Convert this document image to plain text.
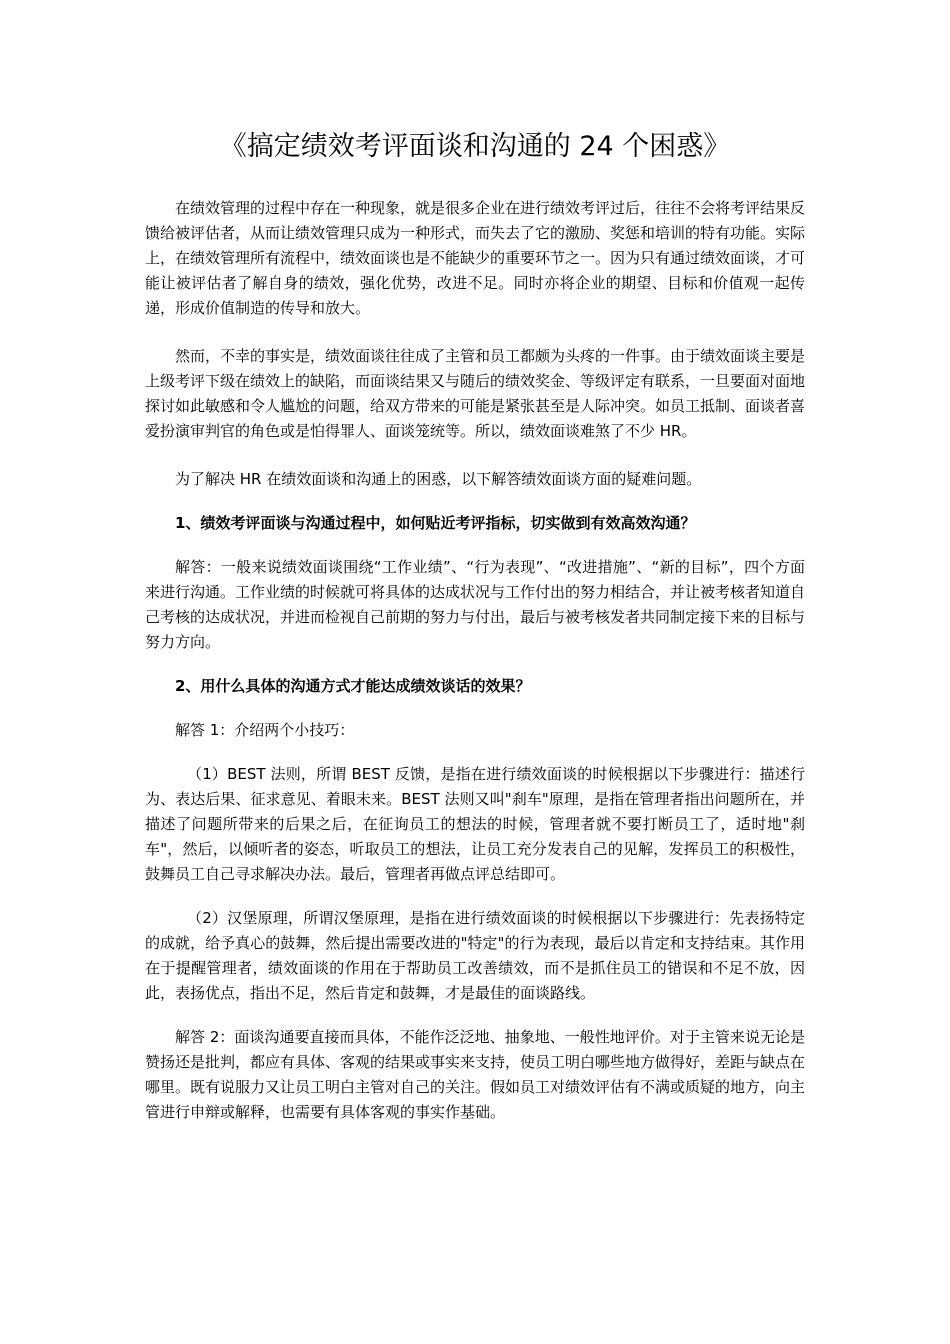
《搞定绩效考评面谈和沟通的 24 个困惑》

在绩效管理的过程中存在一种现象，就是很多企业在进行绩效考评过后，往往不会将考评结果反馈给被评估者，从而让绩效管理只成为一种形式，而失去了它的激励、奖惩和培训的特有功能。实际上，在绩效管理所有流程中，绩效面谈也是不能缺少的重要环节之一。因为只有通过绩效面谈，才可能让被评估者了解自身的绩效，强化优势，改进不足。同时亦将企业的期望、目标和价值观一起传递，形成价值制造的传导和放大。

然而，不幸的事实是，绩效面谈往往成了主管和员工都颇为头疼的一件事。由于绩效面谈主要是上级考评下级在绩效上的缺陷，而面谈结果又与随后的绩效奖金、等级评定有联系，一旦要面对面地探讨如此敏感和令人尴尬的问题，给双方带来的可能是紧张甚至是人际冲突。如员工抵制、面谈者喜爱扮演审判官的角色或是怕得罪人、面谈笼统等。所以，绩效面谈难煞了不少 HR。

为了解决 HR 在绩效面谈和沟通上的困惑，以下解答绩效面谈方面的疑难问题。

1、绩效考评面谈与沟通过程中，如何贴近考评指标，切实做到有效高效沟通？

解答：一般来说绩效面谈围绕“工作业绩”、“行为表现”、“改进措施”、“新的目标”，四个方面来进行沟通。工作业绩的时候就可将具体的达成状况与工作付出的努力相结合，并让被考核者知道自己考核的达成状况，并进而检视自己前期的努力与付出，最后与被考核发者共同制定接下来的目标与努力方向。

2、用什么具体的沟通方式才能达成绩效谈话的效果？

解答 1：介绍两个小技巧：

（1）BEST 法则，所谓 BEST 反馈，是指在进行绩效面谈的时候根据以下步骤进行：描述行为、表达后果、征求意见、着眼未来。BEST 法则又叫"刹车"原理，是指在管理者指出问题所在，并描述了问题所带来的后果之后，在征询员工的想法的时候，管理者就不要打断员工了，适时地"刹车"，然后，以倾听者的姿态，听取员工的想法，让员工充分发表自己的见解，发挥员工的积极性，鼓舞员工自己寻求解决办法。最后，管理者再做点评总结即可。

（2）汉堡原理，所谓汉堡原理，是指在进行绩效面谈的时候根据以下步骤进行：先表扬特定的成就，给予真心的鼓舞，然后提出需要改进的"特定"的行为表现，最后以肯定和支持结束。其作用在于提醒管理者，绩效面谈的作用在于帮助员工改善绩效，而不是抓住员工的错误和不足不放，因此，表扬优点，指出不足，然后肯定和鼓舞，才是最佳的面谈路线。

解答 2：面谈沟通要直接而具体，不能作泛泛地、抽象地、一般性地评价。对于主管来说无论是赞扬还是批判，都应有具体、客观的结果或事实来支持，使员工明白哪些地方做得好，差距与缺点在哪里。既有说服力又让员工明白主管对自己的关注。假如员工对绩效评估有不满或质疑的地方，向主管进行申辩或解释，也需要有具体客观的事实作基础。
